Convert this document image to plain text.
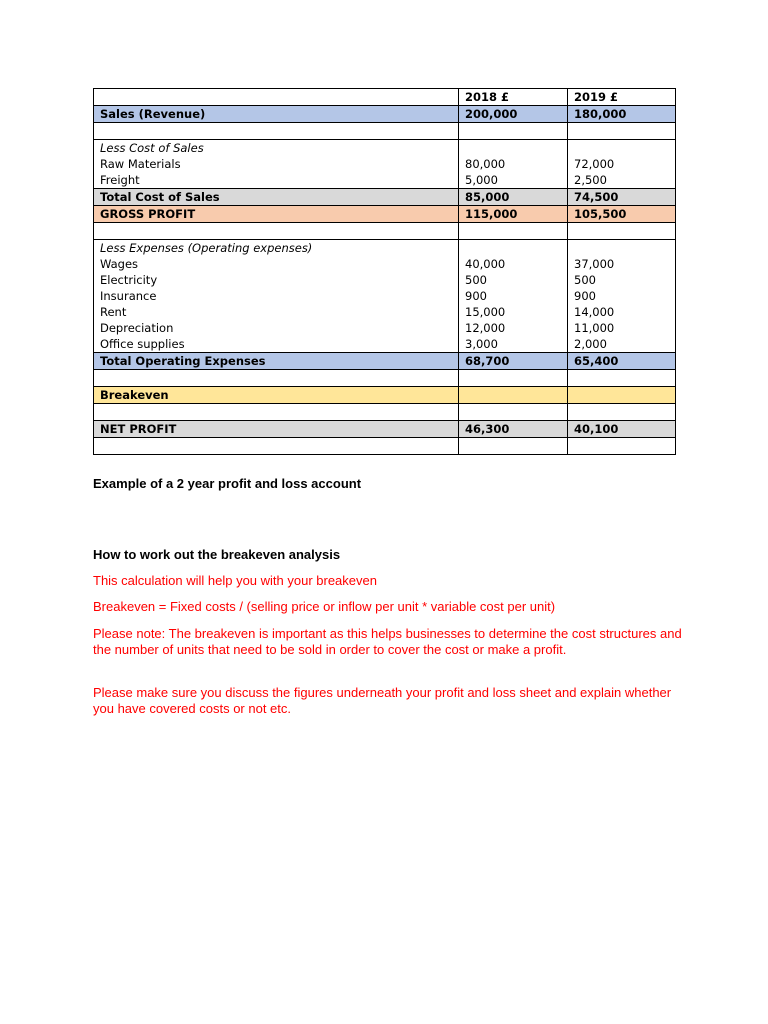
	2018 £	2019 £
Sales (Revenue)	200,000	180,000

Less Cost of Sales		
Raw Materials	80,000	72,000
Freight	5,000	2,500
Total Cost of Sales	85,000	74,500
GROSS PROFIT	115,000	105,500

Less Expenses (Operating expenses)		
Wages	40,000	37,000
Electricity	500	500
Insurance	900	900
Rent	15,000	14,000
Depreciation	12,000	11,000
Office supplies	3,000	2,000
Total Operating Expenses	68,700	65,400

Breakeven		

NET PROFIT	46,300	40,100

Example of a 2 year profit and loss account
How to work out the breakeven analysis
This calculation will help you with your breakeven
Breakeven = Fixed costs / (selling price or inflow per unit * variable cost per unit)
Please note: The breakeven is important as this helps businesses to determine the cost structures and the number of units that need to be sold in order to cover the cost or make a profit.
Please make sure you discuss the figures underneath your profit and loss sheet and explain whether you have covered costs or not etc.
